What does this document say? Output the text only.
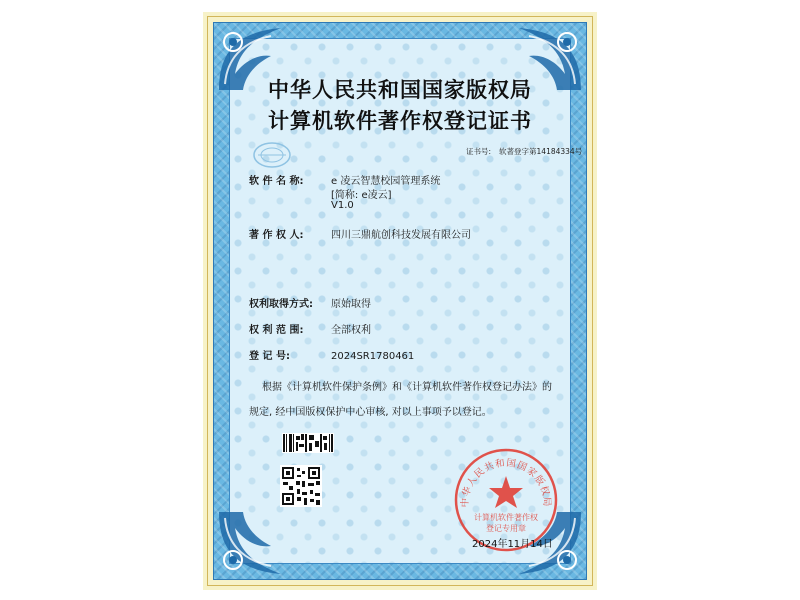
中华人民共和国国家版权局
计算机软件著作权登记证书
证书号: 软著登字第14184334号
软 件 名 称:	e 凌云智慧校园管理系统
[简称: e凌云]
V1.0
著 作 权 人:	四川三鼎航创科技发展有限公司
权利取得方式: 原始取得
权 利 范 围:	全部权利
登 记 号:	2024SR1780461
根据《计算机软件保护条例》和《计算机软件著作权登记办法》的
规定, 经中国版权保护中心审核, 对以上事项予以登记。
中华人民共和国国家版权局
计算机软件著作权
登记专用章
2024年11月14日
